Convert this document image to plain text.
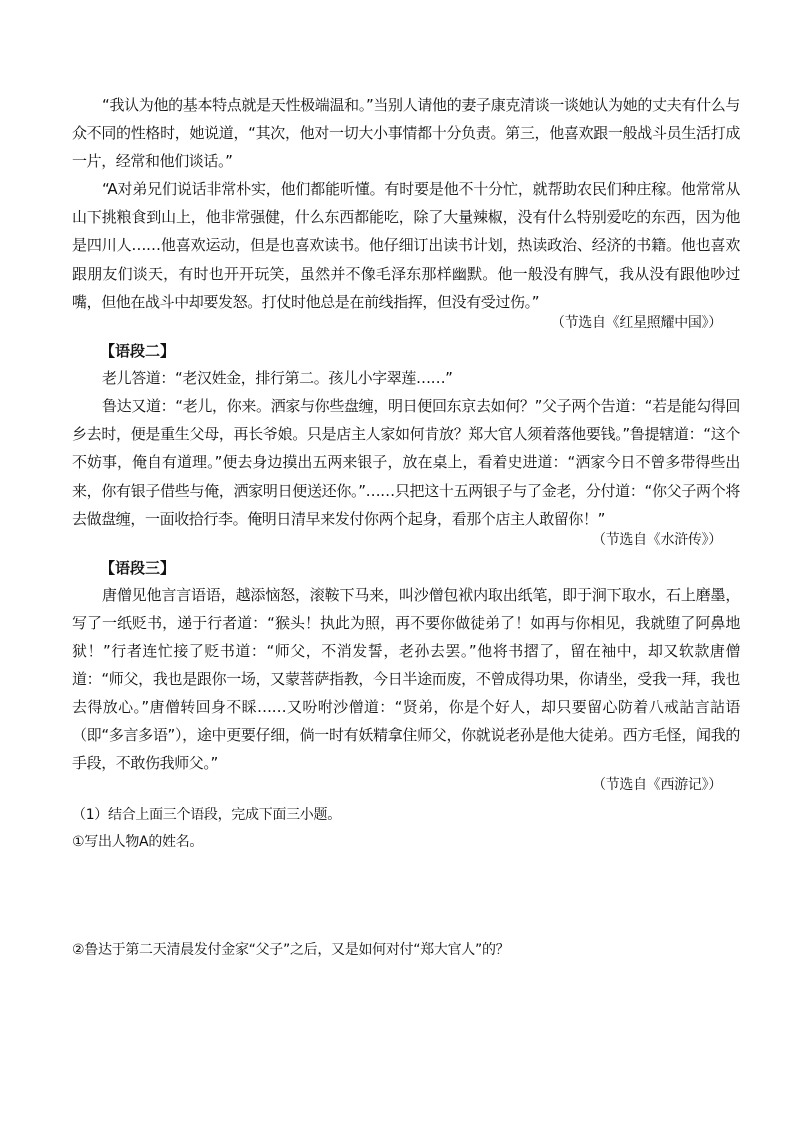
“我认为他的基本特点就是天性极端温和。”当别人请他的妻子康克清谈一谈她认为她的丈夫有什么与众不同的性格时，她说道，“其次，他对一切大小事情都十分负责。第三，他喜欢跟一般战斗员生活打成一片，经常和他们谈话。”

“A对弟兄们说话非常朴实，他们都能听懂。有时要是他不十分忙，就帮助农民们种庄稼。他常常从山下挑粮食到山上，他非常强健，什么东西都能吃，除了大量辣椒，没有什么特别爱吃的东西，因为他是四川人……他喜欢运动，但是也喜欢读书。他仔细订出读书计划，热读政治、经济的书籍。他也喜欢跟朋友们谈天，有时也开开玩笑，虽然并不像毛泽东那样幽默。他一般没有脾气，我从没有跟他吵过嘴，但他在战斗中却要发怒。打仗时他总是在前线指挥，但没有受过伤。”

（节选自《红星照耀中国》）

【语段二】

老儿答道：“老汉姓金，排行第二。孩儿小字翠莲……”

鲁达又道：“老儿，你来。洒家与你些盘缠，明日便回东京去如何？”父子两个告道：“若是能勾得回乡去时，便是重生父母，再长爷娘。只是店主人家如何肯放？郑大官人须着落他要钱。”鲁提辖道：“这个不妨事，俺自有道理。”便去身边摸出五两来银子，放在桌上，看着史进道：“洒家今日不曾多带得些出来，你有银子借些与俺，洒家明日便送还你。”……只把这十五两银子与了金老，分付道：“你父子两个将去做盘缠，一面收拾行李。俺明日清早来发付你两个起身，看那个店主人敢留你！”

（节选自《水浒传》）

【语段三】

唐僧见他言言语语，越添恼怒，滚鞍下马来，叫沙僧包袱内取出纸笔，即于涧下取水，石上磨墨，写了一纸贬书，递于行者道：“猴头！执此为照，再不要你做徒弟了！如再与你相见，我就堕了阿鼻地狱！”行者连忙接了贬书道：“师父，不消发誓，老孙去罢。”他将书摺了，留在袖中，却又软款唐僧道：“师父，我也是跟你一场，又蒙菩萨指教，今日半途而废，不曾成得功果，你请坐，受我一拜，我也去得放心。”唐僧转回身不睬……又吩咐沙僧道：“贤弟，你是个好人，却只要留心防着八戒詀言詀语（即“多言多语”），途中更要仔细，倘一时有妖精拿住师父，你就说老孙是他大徒弟。西方毛怪，闻我的手段，不敢伤我师父。”

（节选自《西游记》）

（1）结合上面三个语段，完成下面三小题。

①写出人物A的姓名。

②鲁达于第二天清晨发付金家“父子”之后，又是如何对付“郑大官人”的？
